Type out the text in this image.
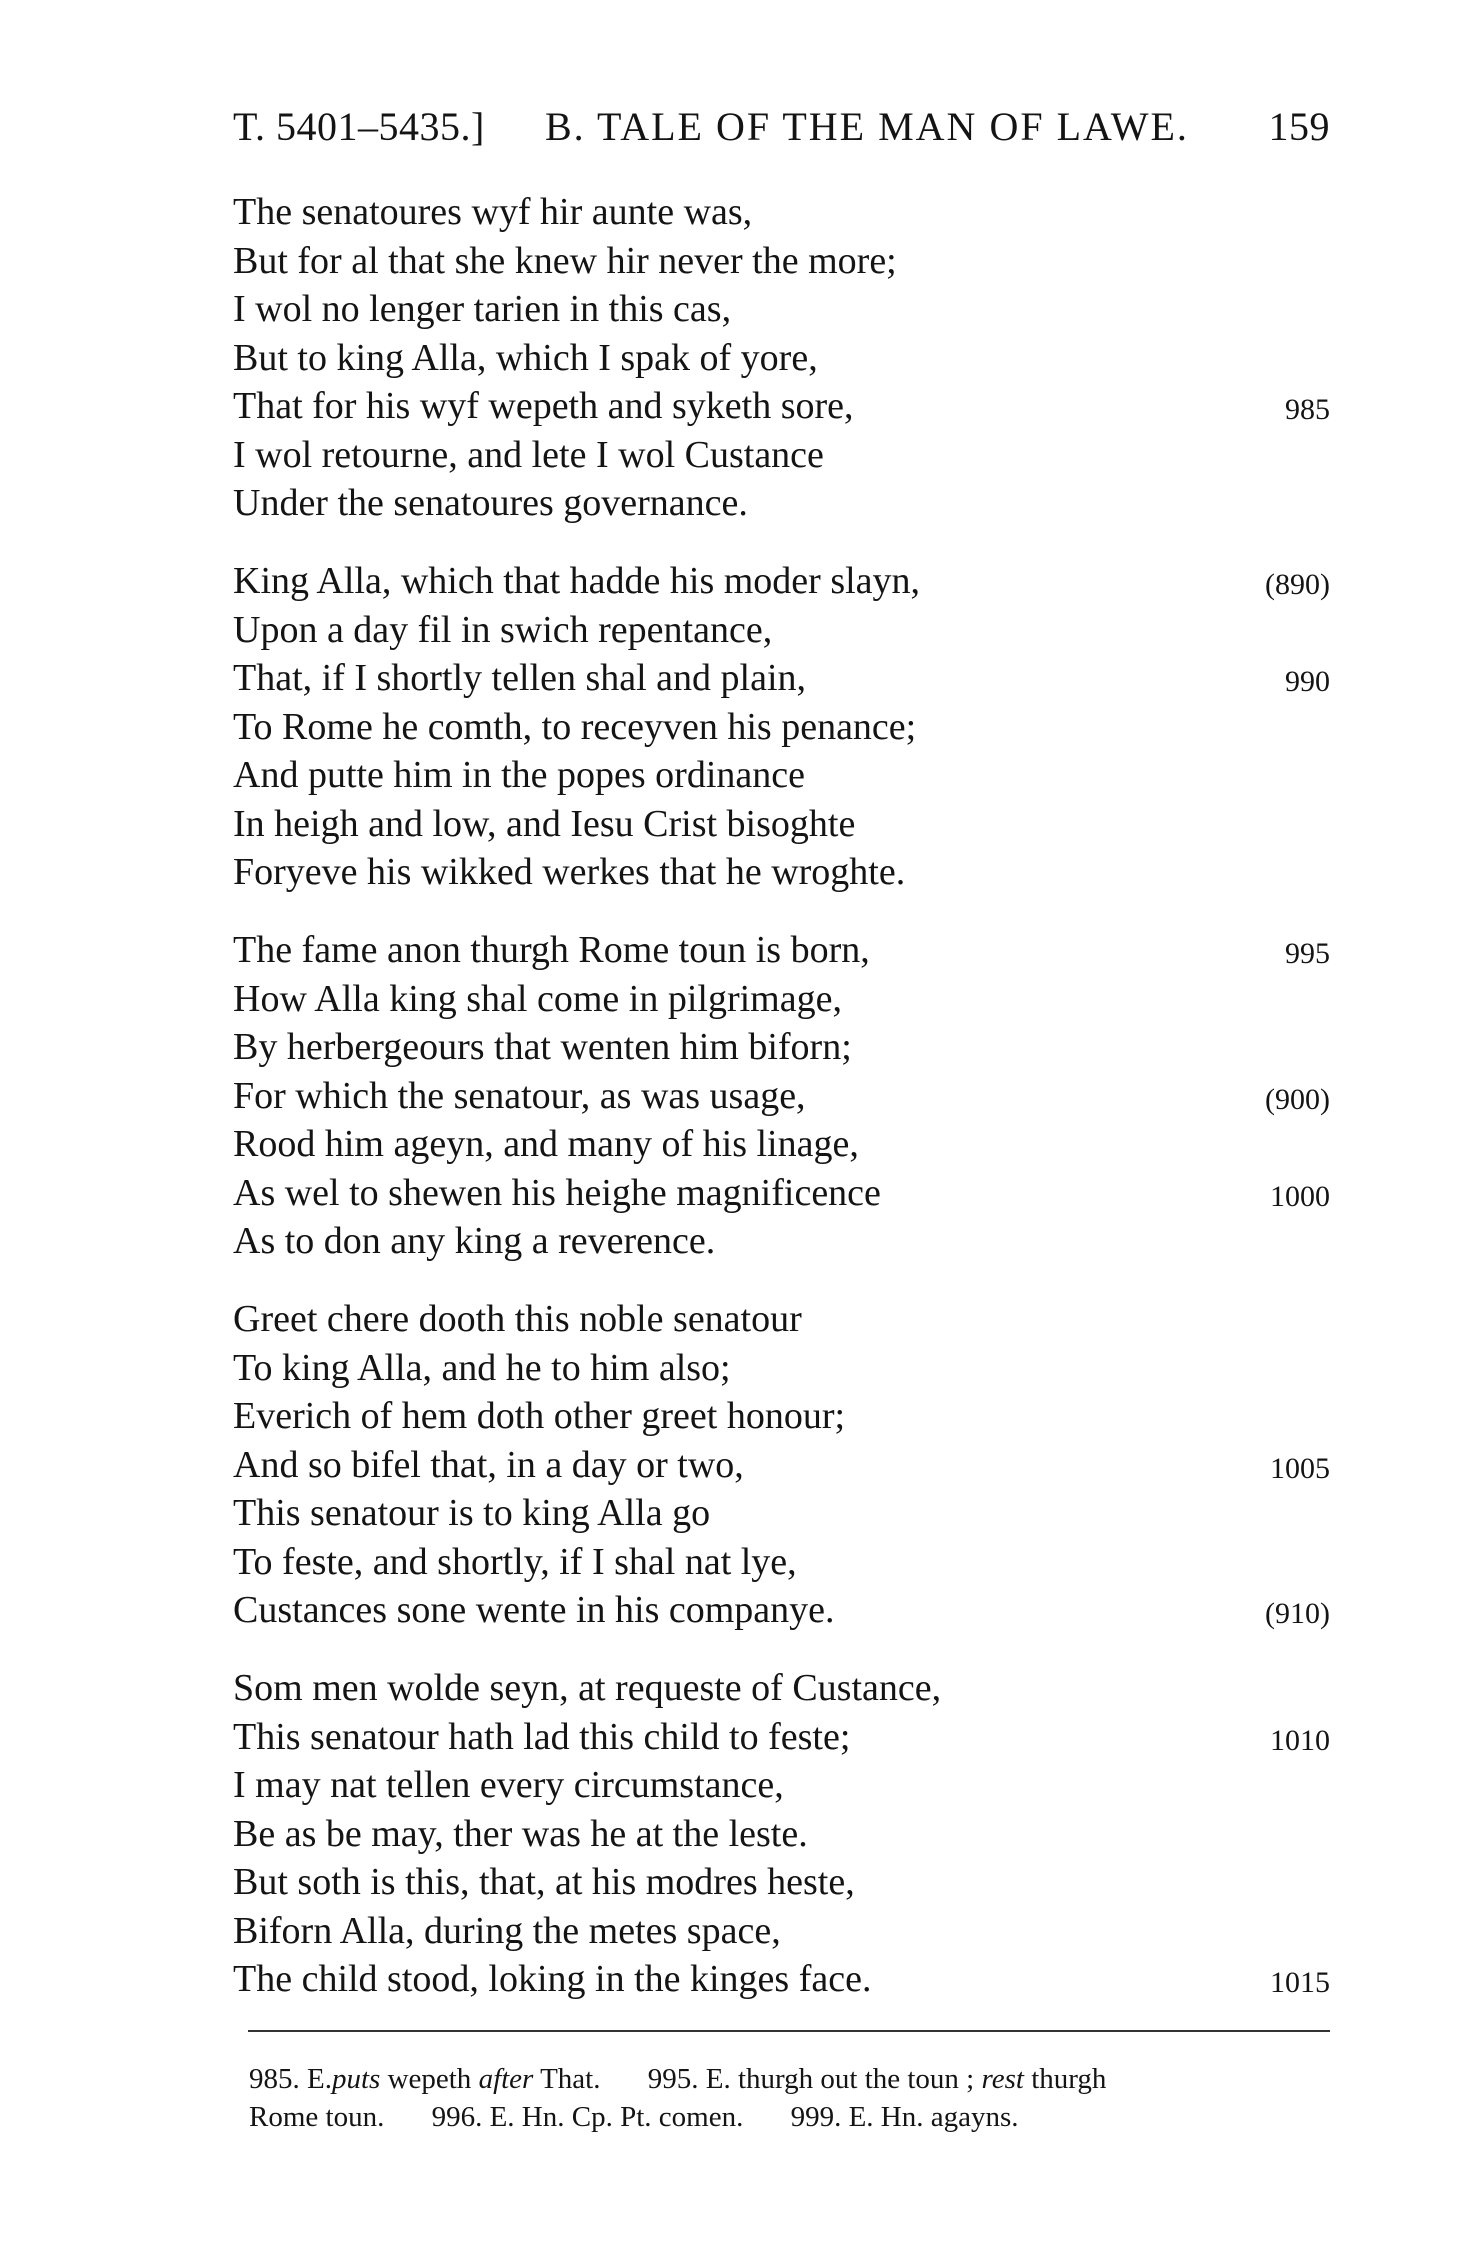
T. 5401–5435.] B. TALE OF THE MAN OF LAWE. 159
The senatoures wyf hir aunte was,
But for al that she knew hir never the more;
I wol no lenger tarien in this cas,
But to king Alla, which I spak of yore,
That for his wyf wepeth and syketh sore,	985
I wol retourne, and lete I wol Custance
Under the senatoures governance.
King Alla, which that hadde his moder slayn,	(890)
Upon a day fil in swich repentance,
That, if I shortly tellen shal and plain,	990
To Rome he comth, to receyven his penance;
And putte him in the popes ordinance
In heigh and low, and Iesu Crist bisoghte
Foryeve his wikked werkes that he wroghte.
The fame anon thurgh Rome toun is born,	995
How Alla king shal come in pilgrimage,
By herbergeours that wenten him biforn;
For which the senatour, as was usage,	(900)
Rood him ageyn, and many of his linage,
As wel to shewen his heighe magnificence	1000
As to don any king a reverence.
Greet chere dooth this noble senatour
To king Alla, and he to him also;
Everich of hem doth other greet honour;
And so bifel that, in a day or two,	1005
This senatour is to king Alla go
To feste, and shortly, if I shal nat lye,
Custances sone wente in his companye.	(910)
Som men wolde seyn, at requeste of Custance,
This senatour hath lad this child to feste;	1010
I may nat tellen every circumstance,
Be as be may, ther was he at the leste.
But soth is this, that, at his modres heste,
Biforn Alla, during the metes space,
The child stood, loking in the kinges face.	1015
985. E.puts wepeth after That. 995. E. thurgh out the toun ; rest thurgh
Rome toun. 996. E. Hn. Cp. Pt. comen. 999. E. Hn. agayns.
